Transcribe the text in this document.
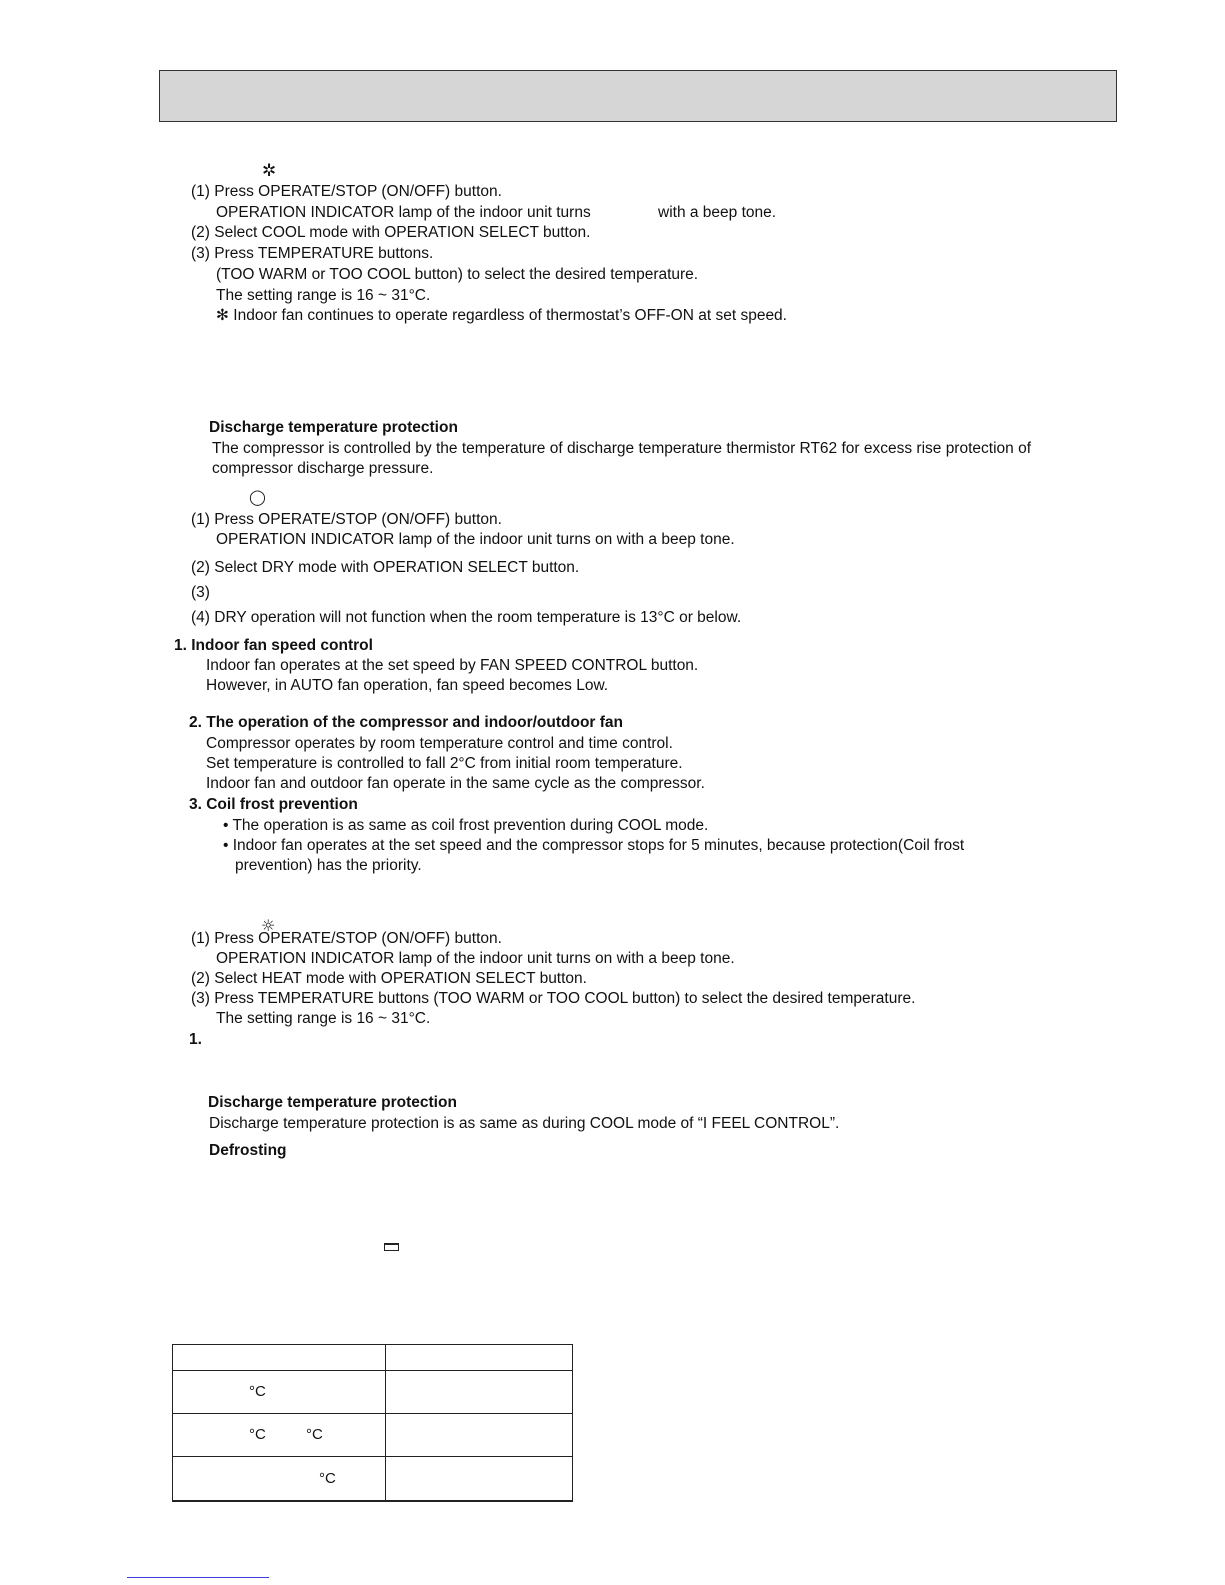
✲
(1) Press OPERATE/STOP (ON/OFF) button.
OPERATION INDICATOR lamp of the indoor unit turns	with a beep tone.
(2) Select COOL mode with OPERATION SELECT button.
(3) Press TEMPERATURE buttons.
(TOO WARM or TOO COOL button) to select the desired temperature.
The setting range is 16 ~ 31°C.
✻ Indoor fan continues to operate regardless of thermostat’s OFF-ON at set speed.
Discharge temperature protection
The compressor is controlled by the temperature of discharge temperature thermistor RT62 for excess rise protection of
compressor discharge pressure.
◯
(1) Press OPERATE/STOP (ON/OFF) button.
OPERATION INDICATOR lamp of the indoor unit turns on with a beep tone.
(2) Select DRY mode with OPERATION SELECT button.
(3)
(4) DRY operation will not function when the room temperature is 13°C or below.
1. Indoor fan speed control
Indoor fan operates at the set speed by FAN SPEED CONTROL button.
However, in AUTO fan operation, fan speed becomes Low.
2. The operation of the compressor and indoor/outdoor fan
Compressor operates by room temperature control and time control.
Set temperature is controlled to fall 2°C from initial room temperature.
Indoor fan and outdoor fan operate in the same cycle as the compressor.
3. Coil frost prevention
• The operation is as same as coil frost prevention during COOL mode.
• Indoor fan operates at the set speed and the compressor stops for 5 minutes, because protection(Coil frost
prevention) has the priority.
☼
(1) Press OPERATE/STOP (ON/OFF) button.
OPERATION INDICATOR lamp of the indoor unit turns on with a beep tone.
(2) Select HEAT mode with OPERATION SELECT button.
(3) Press TEMPERATURE buttons (TOO WARM or TOO COOL button) to select the desired temperature.
The setting range is 16 ~ 31°C.
1.
Discharge temperature protection
Discharge temperature protection is as same as during COOL mode of “I FEEL CONTROL”.
Defrosting

°C	

°C °C	

°C	
